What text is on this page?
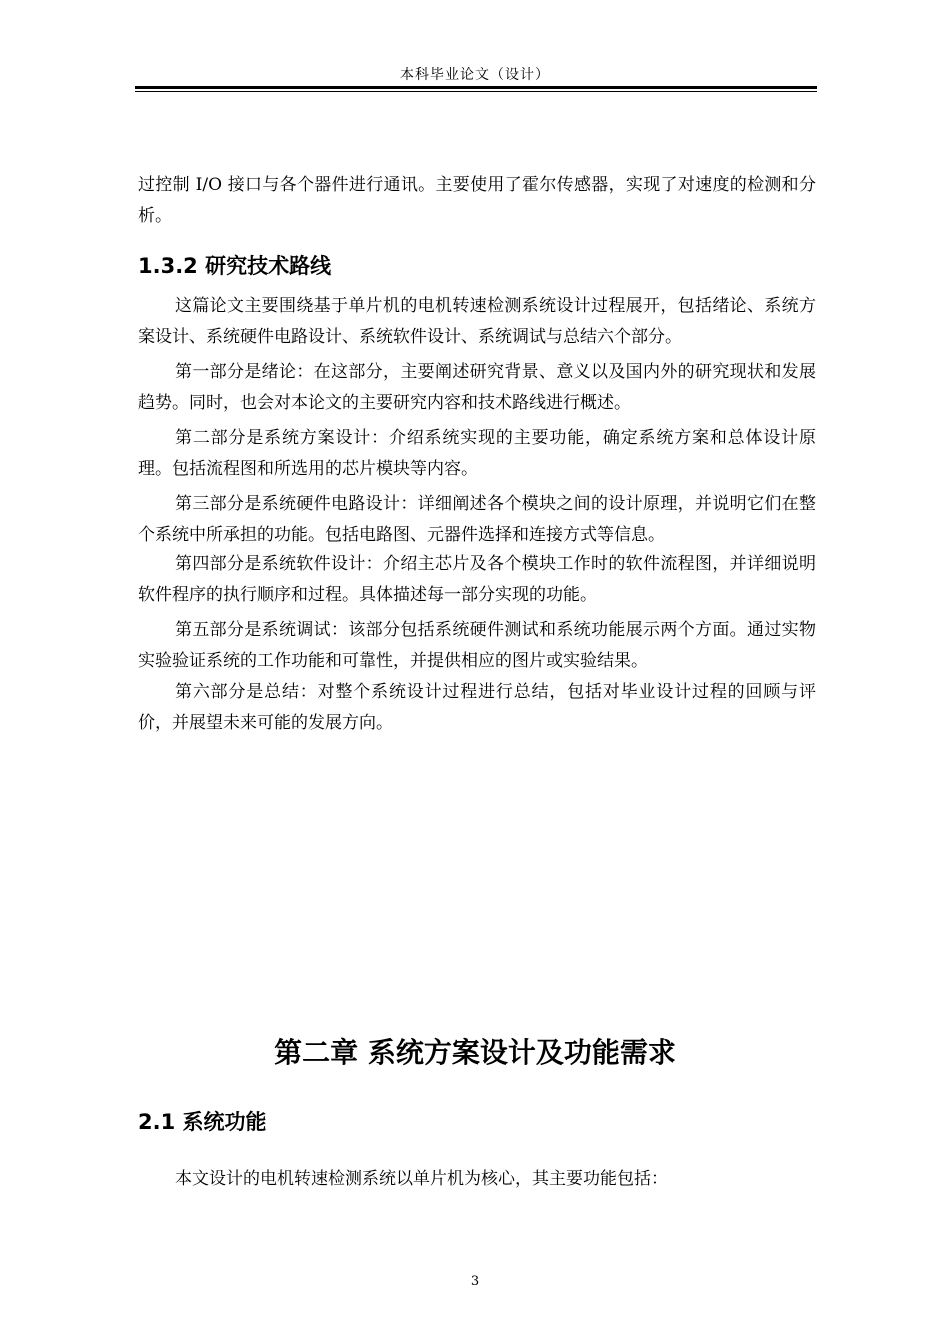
本科毕业论文（设计）

过控制 I/O 接口与各个器件进行通讯。主要使用了霍尔传感器，实现了对速度的检测和分析。

1.3.2 研究技术路线

这篇论文主要围绕基于单片机的电机转速检测系统设计过程展开，包括绪论、系统方案设计、系统硬件电路设计、系统软件设计、系统调试与总结六个部分。

第一部分是绪论：在这部分，主要阐述研究背景、意义以及国内外的研究现状和发展趋势。同时，也会对本论文的主要研究内容和技术路线进行概述。

第二部分是系统方案设计：介绍系统实现的主要功能，确定系统方案和总体设计原理。包括流程图和所选用的芯片模块等内容。

第三部分是系统硬件电路设计：详细阐述各个模块之间的设计原理，并说明它们在整个系统中所承担的功能。包括电路图、元器件选择和连接方式等信息。

第四部分是系统软件设计：介绍主芯片及各个模块工作时的软件流程图，并详细说明软件程序的执行顺序和过程。具体描述每一部分实现的功能。

第五部分是系统调试：该部分包括系统硬件测试和系统功能展示两个方面。通过实物实验验证系统的工作功能和可靠性，并提供相应的图片或实验结果。

第六部分是总结：对整个系统设计过程进行总结，包括对毕业设计过程的回顾与评价，并展望未来可能的发展方向。

第二章 系统方案设计及功能需求
2.1 系统功能

本文设计的电机转速检测系统以单片机为核心，其主要功能包括：

3
